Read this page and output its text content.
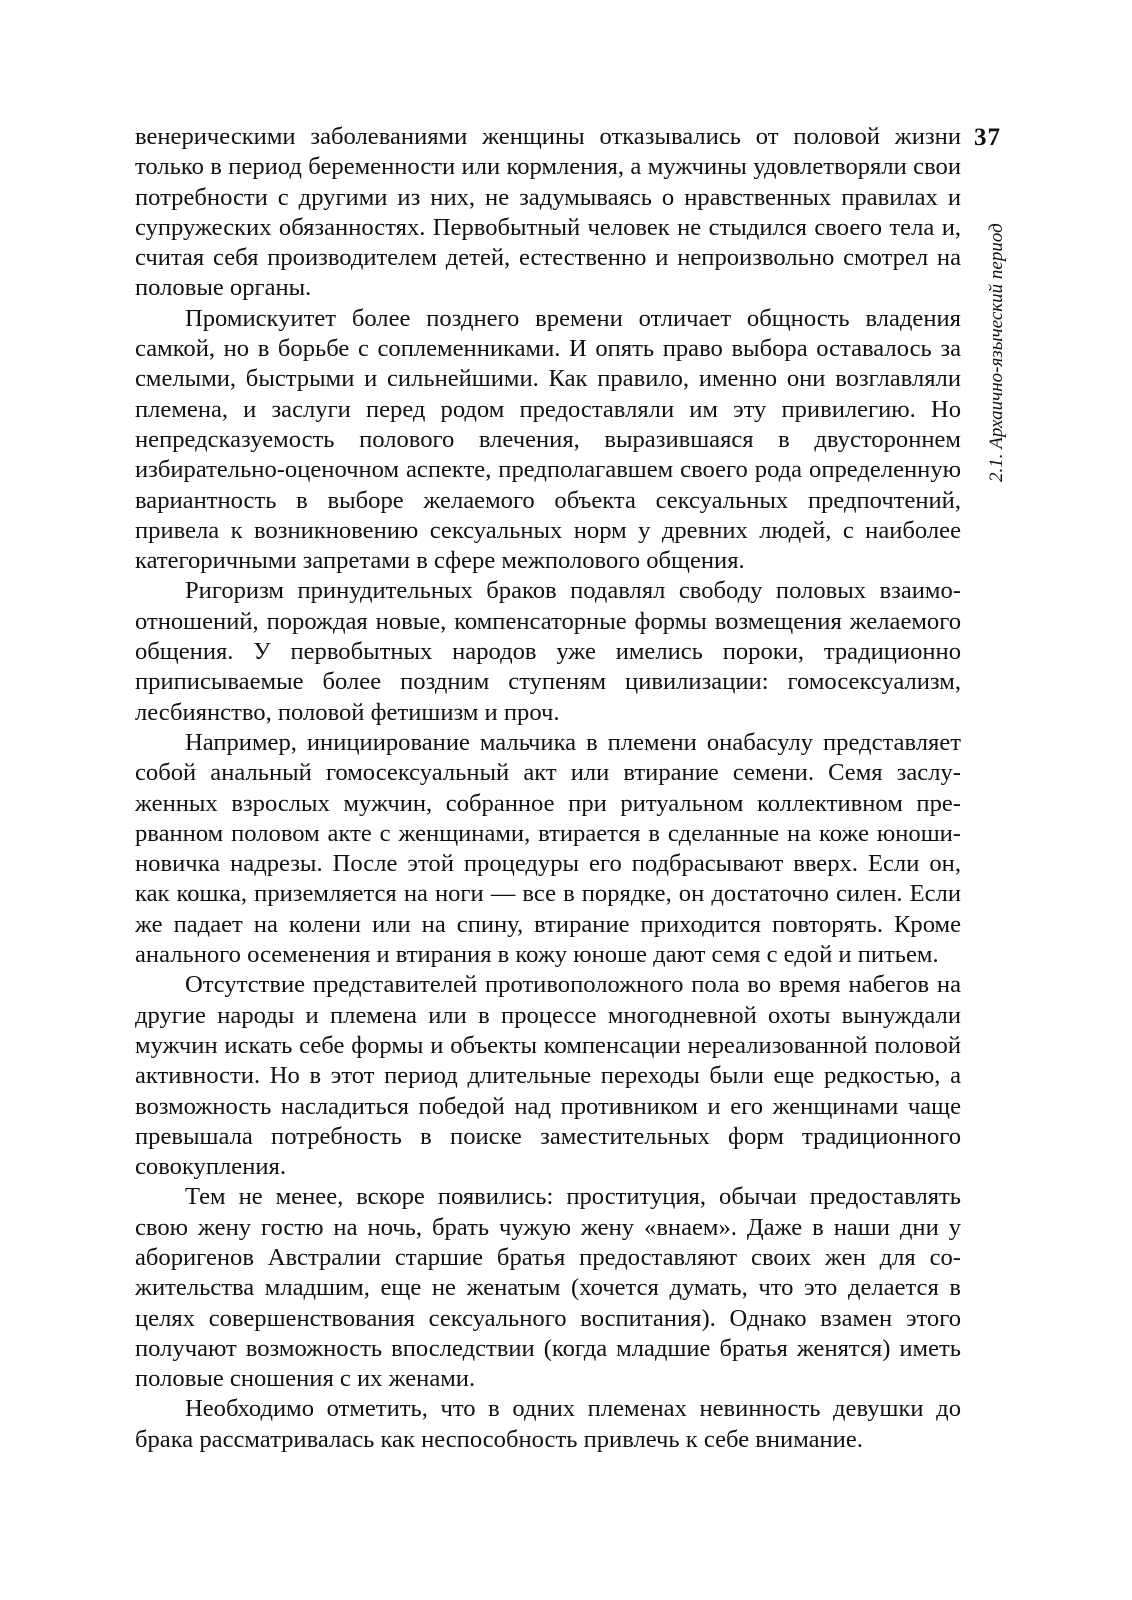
37
2.1. Архаично-языческий период

венерическими заболеваниями женщины отказывались от половой жизни только в период беременности или кормления, а мужчины удовлетворяли свои потребности с другими из них, не задумываясь о нравственных правилах и супружеских обязанностях. Первобытный человек не стыдился своего тела и, считая себя производителем детей, естественно и непроизвольно смотрел на половые органы.

Промискуитет более позднего времени отличает общность владения самкой, но в борьбе с соплеменниками. И опять право выбора оставалось за смелыми, быстрыми и сильнейшими. Как правило, именно они возглавляли племена, и заслуги перед родом предоставляли им эту привилегию. Но непредсказуемость полового влечения, выразившаяся в двустороннем избирательно-оценочном аспекте, предполагавшем своего рода определенную вариантность в выборе желаемого объекта сексуальных предпочтений, привела к возникновению сексуальных норм у древних людей, с наиболее категоричными запретами в сфере межполового общения.

Ригоризм принудительных браков подавлял свободу половых взаимоотношений, порождая новые, компенсаторные формы возмещения желаемого общения. У первобытных народов уже имелись пороки, традиционно приписываемые более поздним ступеням цивилизации: гомосексуализм, лесбиянство, половой фетишизм и проч.

Например, инициирование мальчика в племени онабасулу представляет собой анальный гомосексуальный акт или втирание семени. Семя заслуженных взрослых мужчин, собранное при ритуальном коллективном прерванном половом акте с женщинами, втирается в сделанные на коже юноши-новичка надрезы. После этой процедуры его подбрасывают вверх. Если он, как кошка, приземляется на ноги — все в порядке, он достаточно силен. Если же падает на колени или на спину, втирание приходится повторять. Кроме анального осеменения и втирания в кожу юноше дают семя с едой и питьем.

Отсутствие представителей противоположного пола во время набегов на другие народы и племена или в процессе многодневной охоты вынуждали мужчин искать себе формы и объекты компенсации нереализованной половой активности. Но в этот период длительные переходы были еще редкостью, а возможность насладиться победой над противником и его женщинами чаще превышала потребность в поиске заместительных форм традиционного совокупления.

Тем не менее, вскоре появились: проституция, обычаи предоставлять свою жену гостю на ночь, брать чужую жену «внаем». Даже в наши дни у аборигенов Австралии старшие братья предоставляют своих жен для сожительства младшим, еще не женатым (хочется думать, что это делается в целях совершенствования сексуального воспитания). Однако взамен этого получают возможность впоследствии (когда младшие братья женятся) иметь половые сношения с их женами.

Необходимо отметить, что в одних племенах невинность девушки до брака рассматривалась как неспособность привлечь к себе внимание.
